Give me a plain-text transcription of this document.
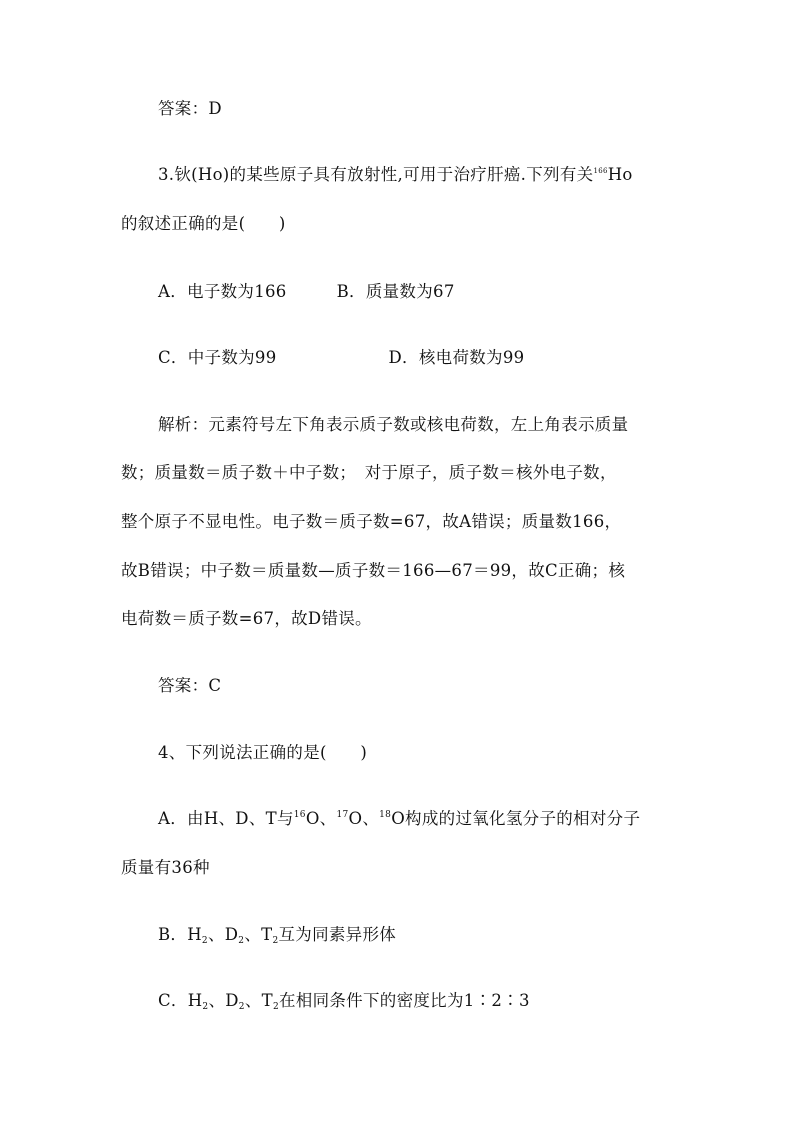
答案：D
3.钬(Ho)的某些原子具有放射性,可用于治疗肝癌.下列有关$^{166}$Ho
的叙述正确的是(　　)
A．电子数为166	B．质量数为67
C．中子数为99	D．核电荷数为99
解析：元素符号左下角表示质子数或核电荷数，左上角表示质量
数；质量数＝质子数＋中子数；　对于原子，质子数＝核外电子数，
整个原子不显电性。电子数＝质子数=67，故A错误；质量数166，
故B错误；中子数＝质量数—质子数＝166—67＝99，故C正确；核
电荷数＝质子数=67，故D错误。
答案：C
4、下列说法正确的是(　　)
A．由H、D、T与$^{16}$O、$^{17}$O、$^{18}$O构成的过氧化氢分子的相对分子
质量有36种
B．$H_2$、$D_2$、$T_2$互为同素异形体
C．$H_2$、$D_2$、$T_2$在相同条件下的密度比为1∶2∶3
